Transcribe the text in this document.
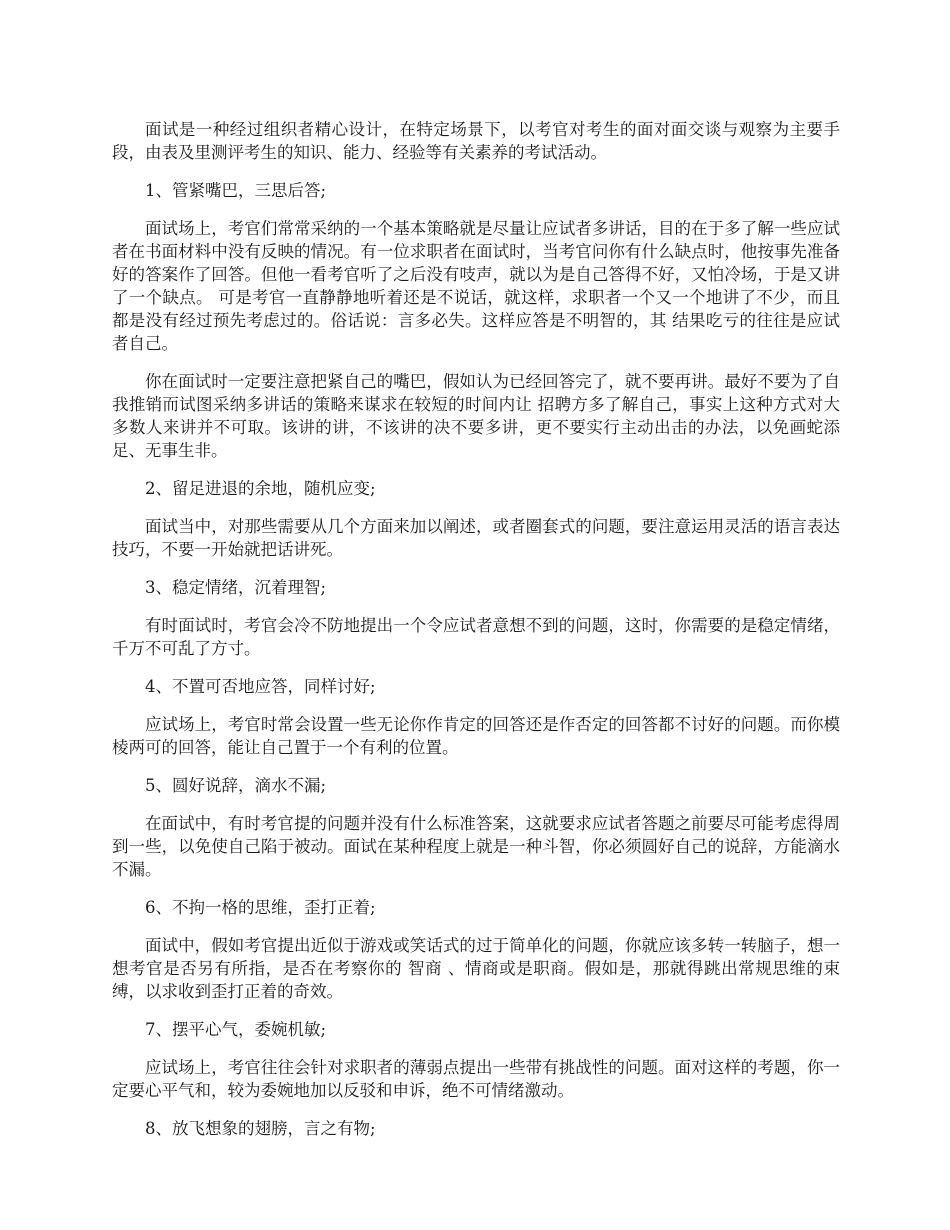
面试是一种经过组织者精心设计，在特定场景下，以考官对考生的面对面交谈与观察为主要手段，由表及里测评考生的知识、能力、经验等有关素养的考试活动。

1、管紧嘴巴，三思后答;

面试场上，考官们常常采纳的一个基本策略就是尽量让应试者多讲话，目的在于多了解一些应试者在书面材料中没有反映的情况。有一位求职者在面试时，当考官问你有什么缺点时，他按事先准备好的答案作了回答。但他一看考官听了之后没有吱声，就以为是自己答得不好，又怕冷场，于是又讲了一个缺点。 可是考官一直静静地听着还是不说话，就这样，求职者一个又一个地讲了不少，而且都是没有经过预先考虑过的。俗话说：言多必失。这样应答是不明智的，其 结果吃亏的往往是应试者自己。

你在面试时一定要注意把紧自己的嘴巴，假如认为已经回答完了，就不要再讲。最好不要为了自我推销而试图采纳多讲话的策略来谋求在较短的时间内让 招聘方多了解自己，事实上这种方式对大多数人来讲并不可取。该讲的讲，不该讲的决不要多讲，更不要实行主动出击的办法，以免画蛇添足、无事生非。

2、留足进退的余地，随机应变;

面试当中，对那些需要从几个方面来加以阐述，或者圈套式的问题，要注意运用灵活的语言表达技巧，不要一开始就把话讲死。

3、稳定情绪，沉着理智;

有时面试时，考官会冷不防地提出一个令应试者意想不到的问题，这时，你需要的是稳定情绪，千万不可乱了方寸。

4、不置可否地应答，同样讨好;

应试场上，考官时常会设置一些无论你作肯定的回答还是作否定的回答都不讨好的问题。而你模棱两可的回答，能让自己置于一个有利的位置。

5、圆好说辞，滴水不漏;

在面试中，有时考官提的问题并没有什么标准答案，这就要求应试者答题之前要尽可能考虑得周到一些，以免使自己陷于被动。面试在某种程度上就是一种斗智，你必须圆好自己的说辞，方能滴水不漏。

6、不拘一格的思维，歪打正着;

面试中，假如考官提出近似于游戏或笑话式的过于简单化的问题，你就应该多转一转脑子，想一想考官是否另有所指，是否在考察你的 智商 、情商或是职商。假如是，那就得跳出常规思维的束缚，以求收到歪打正着的奇效。

7、摆平心气，委婉机敏;

应试场上，考官往往会针对求职者的薄弱点提出一些带有挑战性的问题。面对这样的考题，你一定要心平气和，较为委婉地加以反驳和申诉，绝不可情绪激动。

8、放飞想象的翅膀，言之有物;
